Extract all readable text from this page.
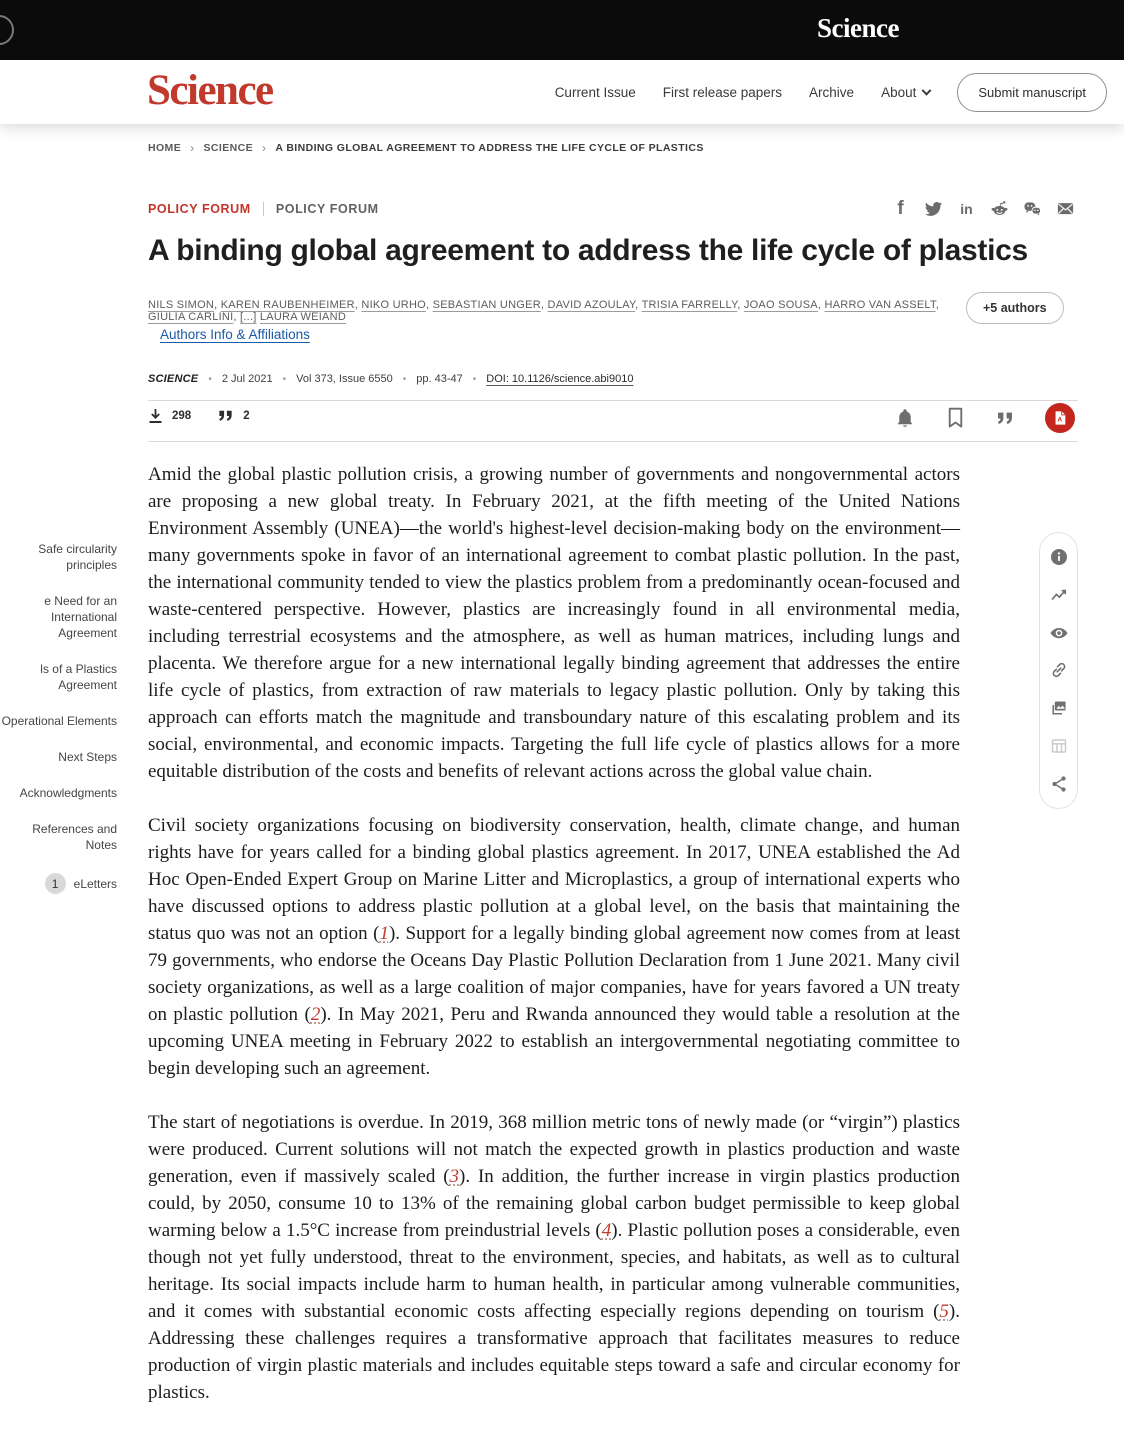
Science
Science	Current Issue First release papers Archive About	Submit manuscript
HOME › SCIENCE › A BINDING GLOBAL AGREEMENT TO ADDRESS THE LIFE CYCLE OF PLASTICS
POLICY FORUM POLICY FORUM	f	in
A binding global agreement to address the life cycle of plastics
NILS SIMON, KAREN RAUBENHEIMER, NIKO URHO, SEBASTIAN UNGER, DAVID AZOULAY, TRISIA FARRELLY, JOAO SOUSA, HARRO VAN ASSELT, GIULIA CARLINI, [...] LAURA WEIAND
+5 authors
Authors Info & Affiliations
SCIENCE • 2 Jul 2021 • Vol 373, Issue 6550 • pp. 43-47 • DOI: 10.1126/science.abi9010
298	2	A

Amid the global plastic pollution crisis, a growing number of governments and nongovernmental actors are proposing a new global treaty. In February 2021, at the fifth meeting of the United Nations Environment Assembly (UNEA)—the world's highest-level decision-making body on the environment—many governments spoke in favor of an international agreement to combat plastic pollution. In the past, the international community tended to view the plastics problem from a predominantly ocean-focused and waste-centered perspective. However, plastics are increasingly found in all environmental media, including terrestrial ecosystems and the atmosphere, as well as human matrices, including lungs and placenta. We therefore argue for a new international legally binding agreement that addresses the entire life cycle of plastics, from extraction of raw materials to legacy plastic pollution. Only by taking this approach can efforts match the magnitude and transboundary nature of this escalating problem and its social, environmental, and economic impacts. Targeting the full life cycle of plastics allows for a more equitable distribution of the costs and benefits of relevant actions across the global value chain.

Civil society organizations focusing on biodiversity conservation, health, climate change, and human rights have for years called for a binding global plastics agreement. In 2017, UNEA established the Ad Hoc Open-Ended Expert Group on Marine Litter and Microplastics, a group of international experts who have discussed options to address plastic pollution at a global level, on the basis that maintaining the status quo was not an option (1). Support for a legally binding global agreement now comes from at least 79 governments, who endorse the Oceans Day Plastic Pollution Declaration from 1 June 2021. Many civil society organizations, as well as a large coalition of major companies, have for years favored a UN treaty on plastic pollution (2). In May 2021, Peru and Rwanda announced they would table a resolution at the upcoming UNEA meeting in February 2022 to establish an intergovernmental negotiating committee to begin developing such an agreement.

The start of negotiations is overdue. In 2019, 368 million metric tons of newly made (or “virgin”) plastics were produced. Current solutions will not match the expected growth in plastics production and waste generation, even if massively scaled (3). In addition, the further increase in virgin plastics production could, by 2050, consume 10 to 13% of the remaining global carbon budget permissible to keep global warming below a 1.5°C increase from preindustrial levels (4). Plastic pollution poses a considerable, even though not yet fully understood, threat to the environment, species, and habitats, as well as to cultural heritage. Its social impacts include harm to human health, in particular among vulnerable communities, and it comes with substantial economic costs affecting especially regions depending on tourism (5). Addressing these challenges requires a transformative approach that facilitates measures to reduce production of virgin plastic materials and includes equitable steps toward a safe and circular economy for plastics.

Safe circularity principles
e Need for an International Agreement
ls of a Plastics Agreement
Operational Elements
Next Steps
Acknowledgments
References and Notes
1	eLetters
